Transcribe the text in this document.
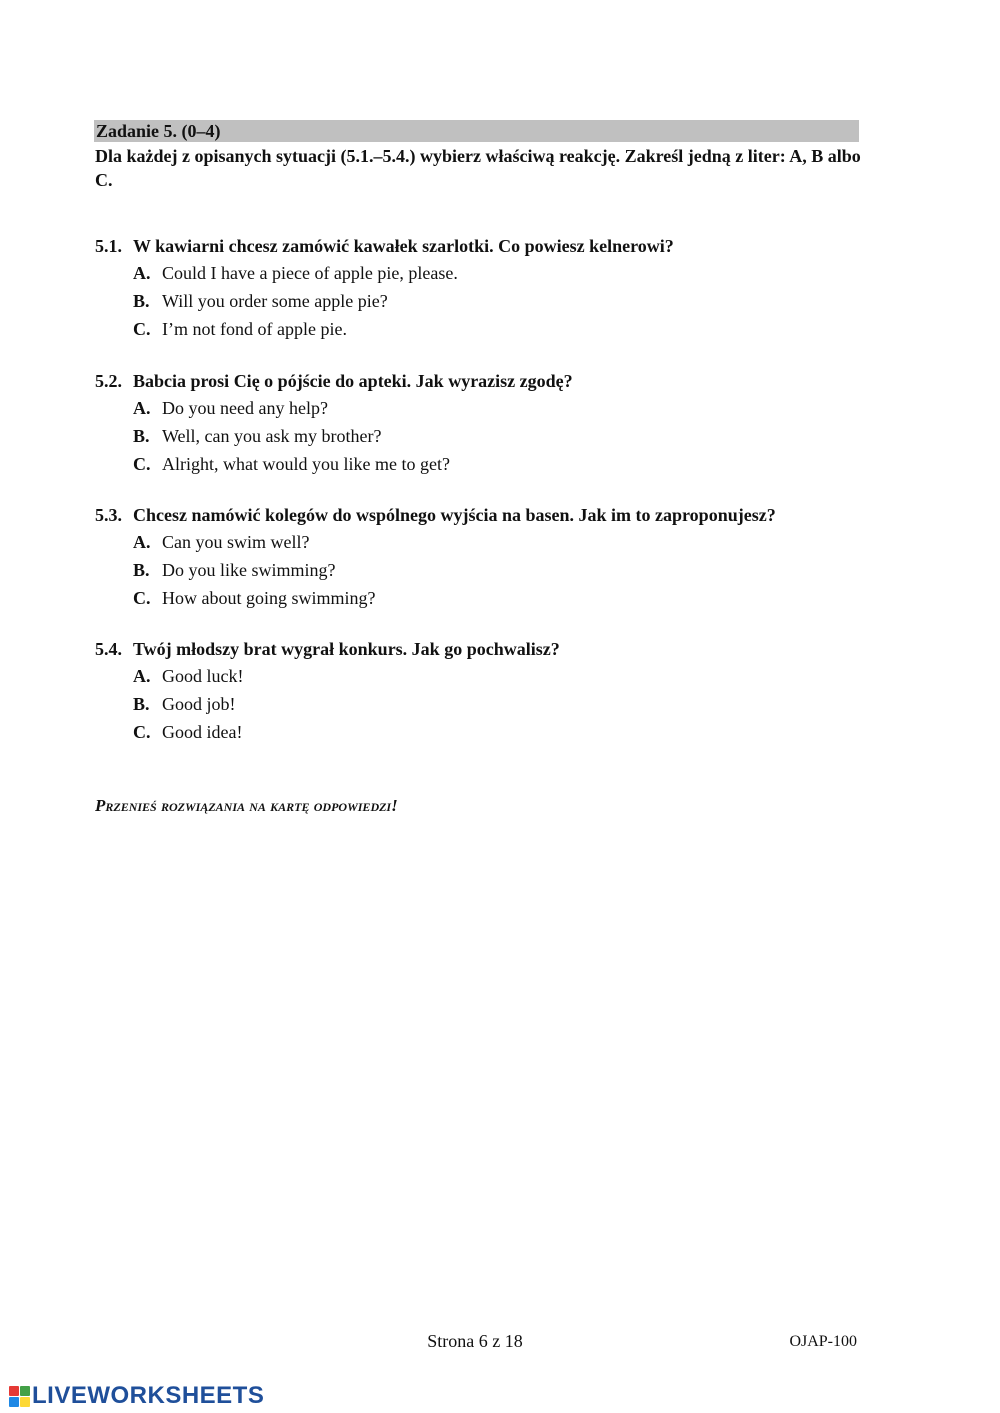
Zadanie 5. (0–4)
Dla każdej z opisanych sytuacji (5.1.–5.4.) wybierz właściwą reakcję. Zakreśl jedną z liter: A, B albo C.
5.1. W kawiarni chcesz zamówić kawałek szarlotki. Co powiesz kelnerowi?
A. Could I have a piece of apple pie, please.
B. Will you order some apple pie?
C. I’m not fond of apple pie.
5.2. Babcia prosi Cię o pójście do apteki. Jak wyrazisz zgodę?
A. Do you need any help?
B. Well, can you ask my brother?
C. Alright, what would you like me to get?
5.3. Chcesz namówić kolegów do wspólnego wyjścia na basen. Jak im to zaproponujesz?
A. Can you swim well?
B. Do you like swimming?
C. How about going swimming?
5.4. Twój młodszy brat wygrał konkurs. Jak go pochwalisz?
A. Good luck!
B. Good job!
C. Good idea!
Przenieś rozwiązania na kartę odpowiedzi!
Strona 6 z 18	OJAP-100
LIVEWORKSHEETS
